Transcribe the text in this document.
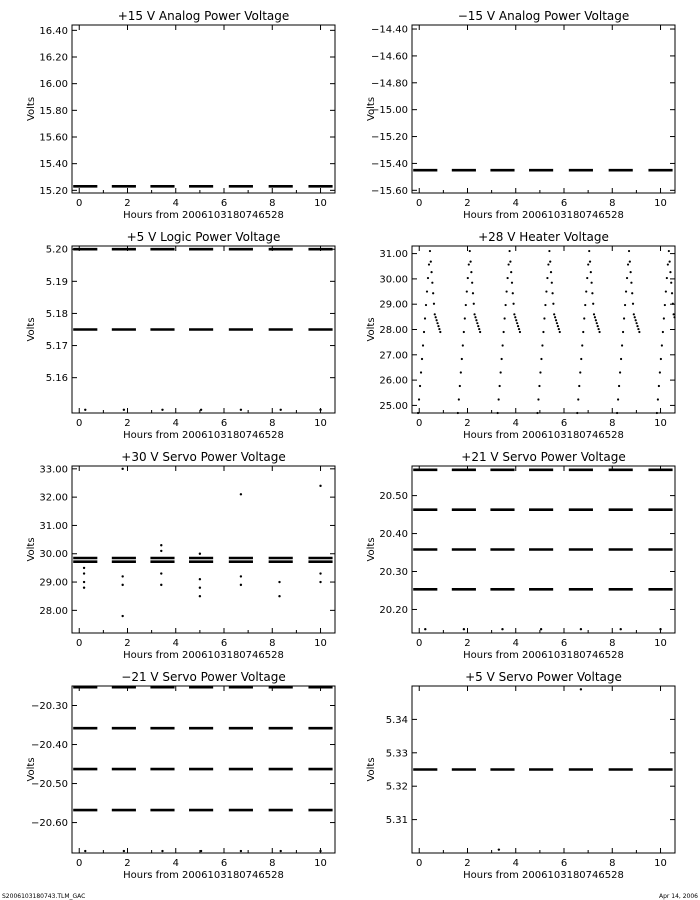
+15 V Analog Power Voltage
0	2	4	6	8	10
15.20
15.40
15.60
15.80
16.00
16.20
16.40
Hours from 2006103180746528
Volts
−15 V Analog Power Voltage
0	2	4	6	8	10
−15.60
−15.40
−15.20
−15.00
−14.80
−14.60
−14.40
Hours from 2006103180746528
Volts
+5 V Logic Power Voltage
0	2	4	6	8	10
5.16
5.17
5.18
5.19
5.20
Hours from 2006103180746528
Volts
+28 V Heater Voltage
0	2	4	6	8	10
25.00
26.00
27.00
28.00
29.00
30.00
31.00
Hours from 2006103180746528
Volts
+30 V Servo Power Voltage
0	2	4	6	8	10
28.00
29.00
30.00
31.00
32.00
33.00
Hours from 2006103180746528
Volts
+21 V Servo Power Voltage
0	2	4	6	8	10
20.20
20.30
20.40
20.50
Hours from 2006103180746528
Volts
−21 V Servo Power Voltage
0	2	4	6	8	10
−20.60
−20.50
−20.40
−20.30
Hours from 2006103180746528
Volts
+5 V Servo Power Voltage
0	2	4	6	8	10
5.31
5.32
5.33
5.34
Hours from 2006103180746528
Volts
S2006103180743.TLM_GAC	Apr 14, 2006
